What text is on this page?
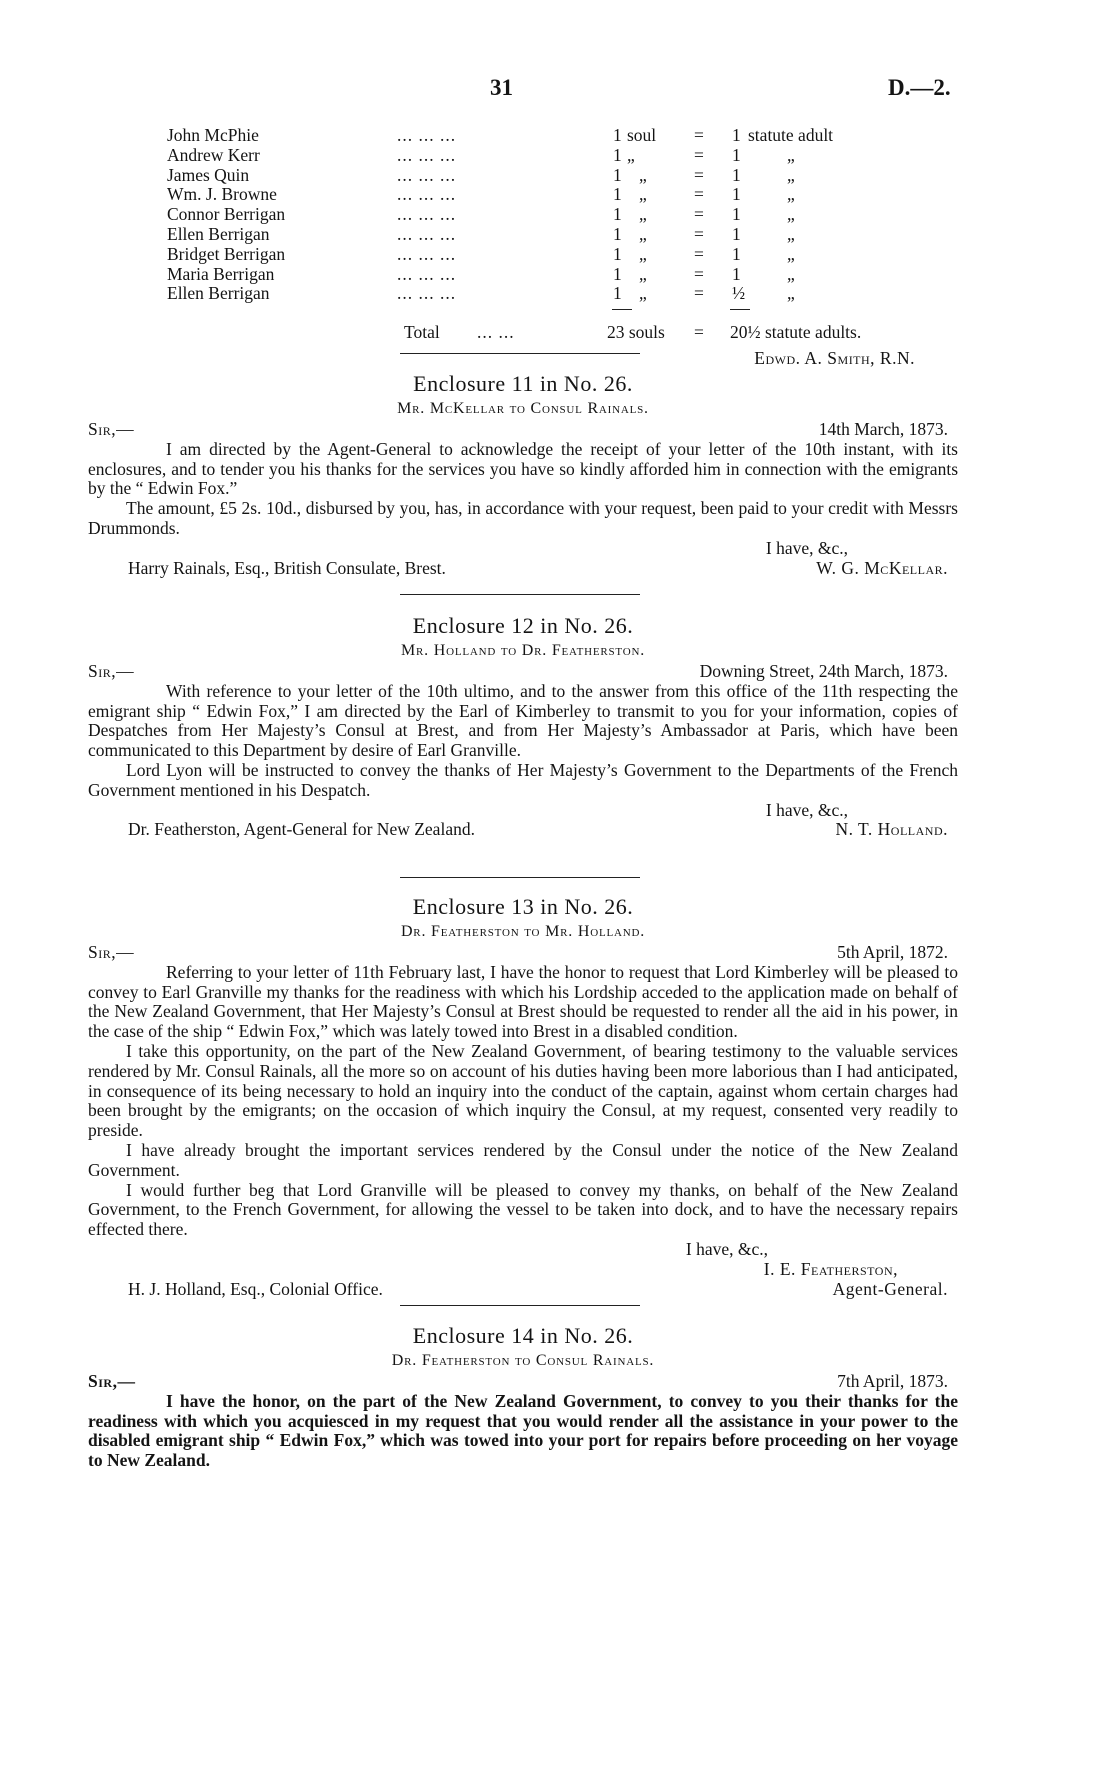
31	D.—2.
John McPhie	... ... ...	1 soul = 1 statute adult
Andrew Kerr	... ... ...	1 „	= 1	„
James Quin	... ... ...	1 „	= 1	„
Wm. J. Browne	... ... ...	1 „	= 1	„
Connor Berrigan	... ... ...	1 „	= 1	„
Ellen Berrigan	... ... ...	1 „	= 1	„
Bridget Berrigan	... ... ...	1 „	= 1	„
Maria Berrigan	... ... ...	1 „	= 1	„
Ellen Berrigan	... ... ...	1 „	= ½ „
Total ... ...	23 souls = 20½ statute adults.
Edwd. A. Smith, R.N.
Enclosure 11 in No. 26.
Mr. McKellar to Consul Rainals.
Sir,—	14th March, 1873.

I am directed by the Agent-General to acknowledge the receipt of your letter of the 10th instant, with its enclosures, and to tender you his thanks for the services you have so kindly afforded him in connection with the emigrants by the “ Edwin Fox.”

The amount, £5 2s. 10d., disbursed by you, has, in accordance with your request, been paid to your credit with Messrs Drummonds.

I have, &c.,
Harry Rainals, Esq., British Consulate, Brest.	W. G. McKellar.
Enclosure 12 in No. 26.
Mr. Holland to Dr. Featherston.
Sir,—	Downing Street, 24th March, 1873.

With reference to your letter of the 10th ultimo, and to the answer from this office of the 11th respecting the emigrant ship “ Edwin Fox,” I am directed by the Earl of Kimberley to transmit to you for your information, copies of Despatches from Her Majesty’s Consul at Brest, and from Her Majesty’s Ambassador at Paris, which have been communicated to this Department by desire of Earl Granville.

Lord Lyon will be instructed to convey the thanks of Her Majesty’s Government to the Departments of the French Government mentioned in his Despatch.

I have, &c.,
Dr. Featherston, Agent-General for New Zealand.	N. T. Holland.
Enclosure 13 in No. 26.
Dr. Featherston to Mr. Holland.
Sir,—	5th April, 1872.

Referring to your letter of 11th February last, I have the honor to request that Lord Kimberley will be pleased to convey to Earl Granville my thanks for the readiness with which his Lordship acceded to the application made on behalf of the New Zealand Government, that Her Majesty’s Consul at Brest should be requested to render all the aid in his power, in the case of the ship “ Edwin Fox,” which was lately towed into Brest in a disabled condition.

I take this opportunity, on the part of the New Zealand Government, of bearing testimony to the valuable services rendered by Mr. Consul Rainals, all the more so on account of his duties having been more laborious than I had anticipated, in consequence of its being necessary to hold an inquiry into the conduct of the captain, against whom certain charges had been brought by the emigrants; on the occasion of which inquiry the Consul, at my request, consented very readily to preside.

I have already brought the important services rendered by the Consul under the notice of the New Zealand Government.

I would further beg that Lord Granville will be pleased to convey my thanks, on behalf of the New Zealand Government, to the French Government, for allowing the vessel to be taken into dock, and to have the necessary repairs effected there.

I have, &c.,
I. E. Featherston,
H. J. Holland, Esq., Colonial Office.	Agent-General.
Enclosure 14 in No. 26.
Dr. Featherston to Consul Rainals.
Sir,—	7th April, 1873.

I have the honor, on the part of the New Zealand Government, to convey to you their thanks for the readiness with which you acquiesced in my request that you would render all the assistance in your power to the disabled emigrant ship “ Edwin Fox,” which was towed into your port for repairs before proceeding on her voyage to New Zealand.
